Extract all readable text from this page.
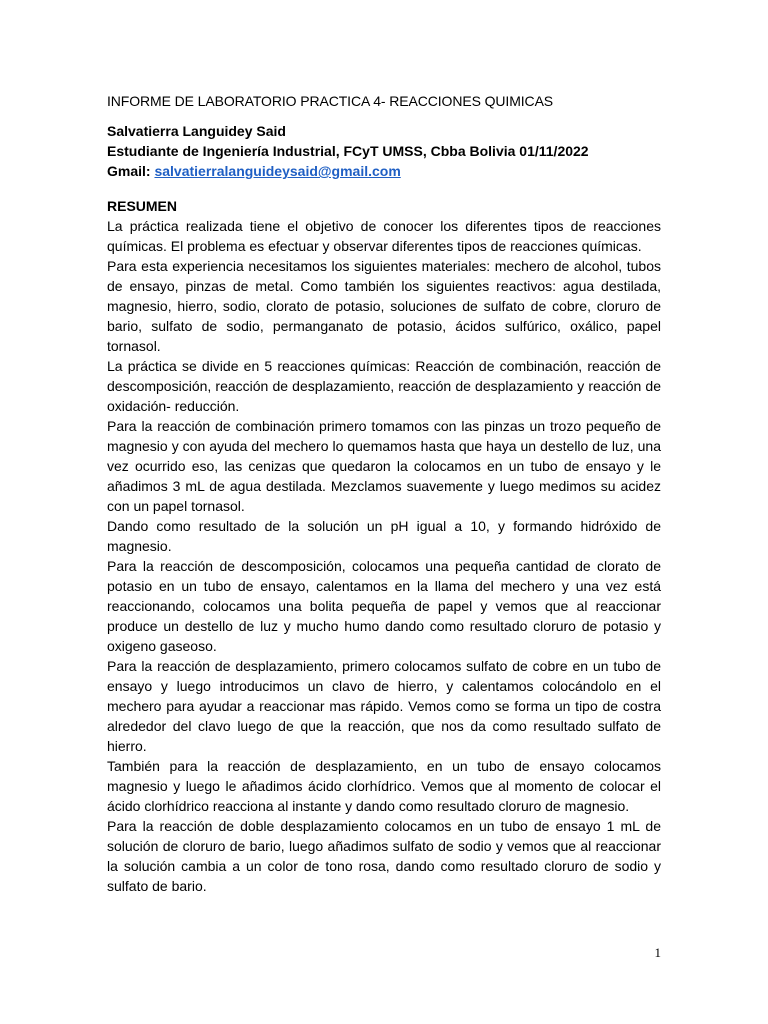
INFORME DE LABORATORIO PRACTICA 4- REACCIONES QUIMICAS
Salvatierra Languidey Said
Estudiante de Ingeniería Industrial, FCyT UMSS, Cbba Bolivia 01/11/2022
Gmail: salvatierralanguideysaid@gmail.com
RESUMEN

La práctica realizada tiene el objetivo de conocer los diferentes tipos de reacciones químicas. El problema es efectuar y observar diferentes tipos de reacciones químicas.

Para esta experiencia necesitamos los siguientes materiales: mechero de alcohol, tubos de ensayo, pinzas de metal. Como también los siguientes reactivos: agua destilada, magnesio, hierro, sodio, clorato de potasio, soluciones de sulfato de cobre, cloruro de bario, sulfato de sodio, permanganato de potasio, ácidos sulfúrico, oxálico, papel tornasol.

La práctica se divide en 5 reacciones químicas: Reacción de combinación, reacción de descomposición, reacción de desplazamiento, reacción de desplazamiento y reacción de oxidación- reducción.

Para la reacción de combinación primero tomamos con las pinzas un trozo pequeño de magnesio y con ayuda del mechero lo quemamos hasta que haya un destello de luz, una vez ocurrido eso, las cenizas que quedaron la colocamos en un tubo de ensayo y le añadimos 3 mL de agua destilada. Mezclamos suavemente y luego medimos su acidez con un papel tornasol.

Dando como resultado de la solución un pH igual a 10, y formando hidróxido de magnesio.

Para la reacción de descomposición, colocamos una pequeña cantidad de clorato de potasio en un tubo de ensayo, calentamos en la llama del mechero y una vez está reaccionando, colocamos una bolita pequeña de papel y vemos que al reaccionar produce un destello de luz y mucho humo dando como resultado cloruro de potasio y oxigeno gaseoso.

Para la reacción de desplazamiento, primero colocamos sulfato de cobre en un tubo de ensayo y luego introducimos un clavo de hierro, y calentamos colocándolo en el mechero para ayudar a reaccionar mas rápido. Vemos como se forma un tipo de costra alrededor del clavo luego de que la reacción, que nos da como resultado sulfato de hierro.

También para la reacción de desplazamiento, en un tubo de ensayo colocamos magnesio y luego le añadimos ácido clorhídrico. Vemos que al momento de colocar el ácido clorhídrico reacciona al instante y dando como resultado cloruro de magnesio.

Para la reacción de doble desplazamiento colocamos en un tubo de ensayo 1 mL de solución de cloruro de bario, luego añadimos sulfato de sodio y vemos que al reaccionar la solución cambia a un color de tono rosa, dando como resultado cloruro de sodio y sulfato de bario.

1
